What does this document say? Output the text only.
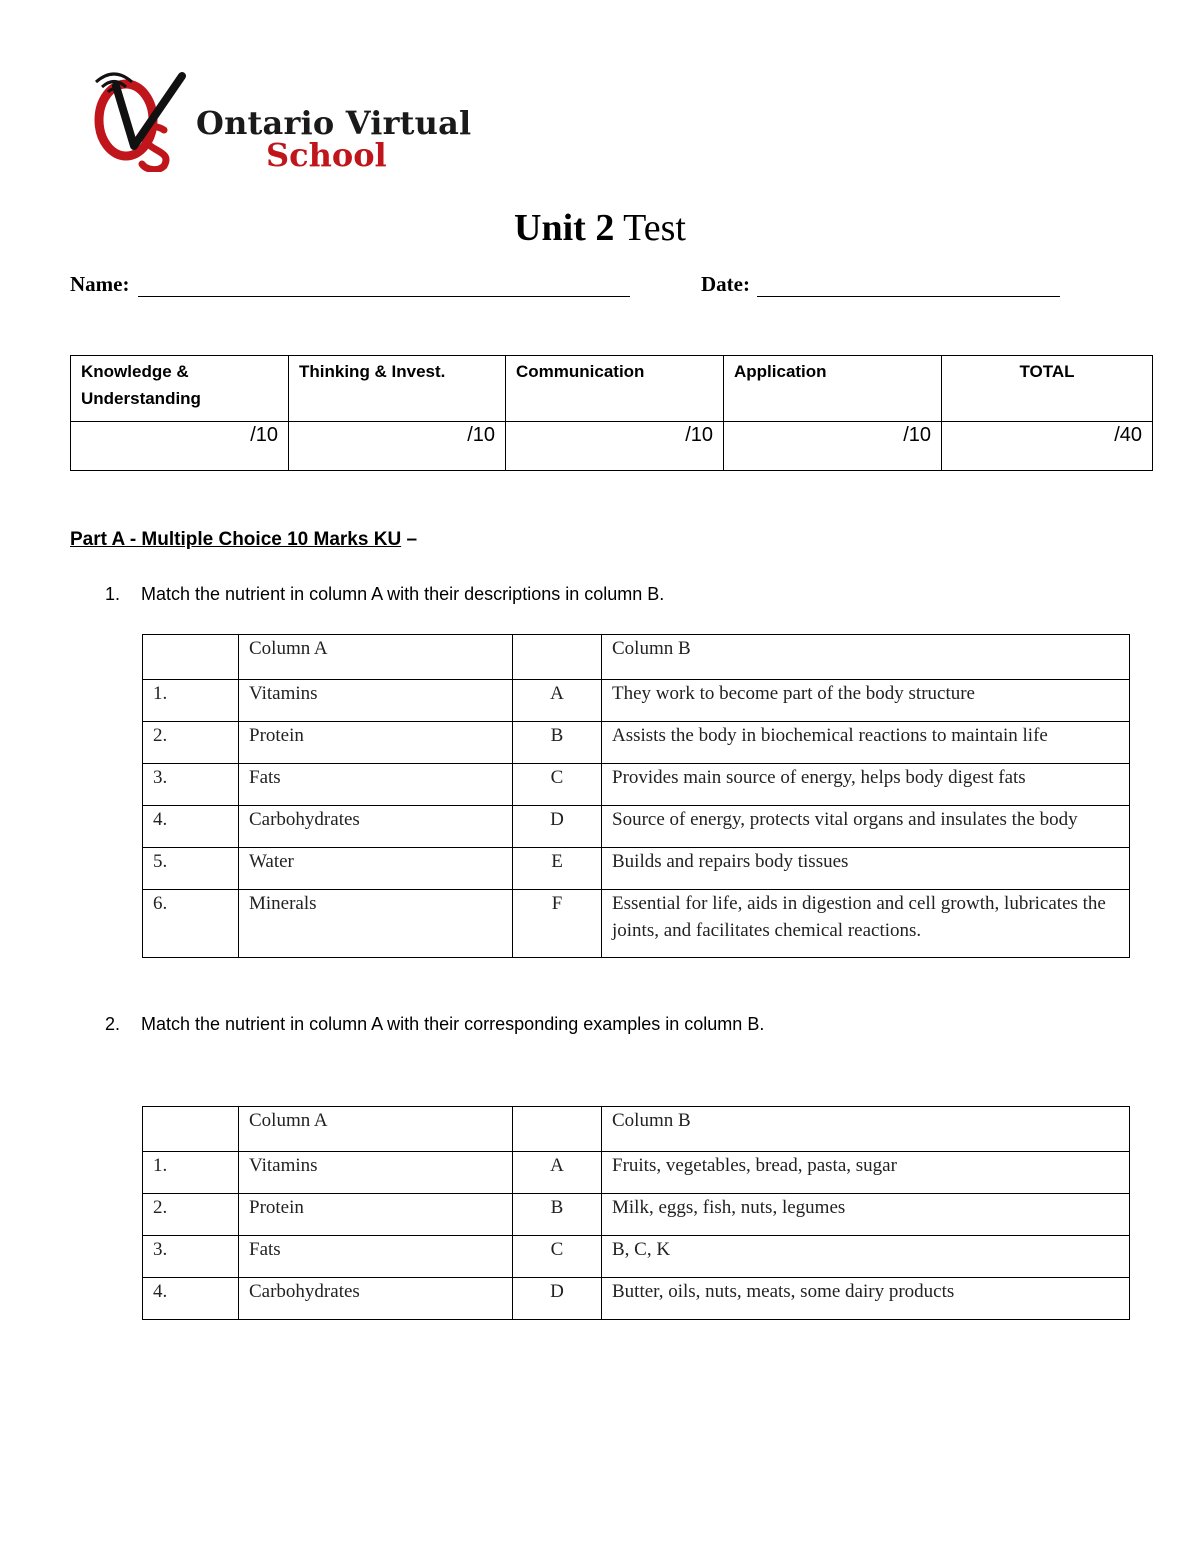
Ontario Virtual
School
Unit 2 Test
Name:	Date:
Knowledge & Understanding	Thinking & Invest.	Communication	Application	TOTAL
/10	/10	/10	/10	/40
Part A - Multiple Choice 10 Marks KU –
1. Match the nutrient in column A with their descriptions in column B.
	Column A		Column B
1.	Vitamins	A	They work to become part of the body structure
2.	Protein	B	Assists the body in biochemical reactions to maintain life
3.	Fats	C	Provides main source of energy, helps body digest fats
4.	Carbohydrates	D	Source of energy, protects vital organs and insulates the body
5.	Water	E	Builds and repairs body tissues
6.	Minerals	F	Essential for life, aids in digestion and cell growth, lubricates the joints, and facilitates chemical reactions.
2. Match the nutrient in column A with their corresponding examples in column B.
	Column A		Column B
1.	Vitamins	A	Fruits, vegetables, bread, pasta, sugar
2.	Protein	B	Milk, eggs, fish, nuts, legumes
3.	Fats	C	B, C, K
4.	Carbohydrates	D	Butter, oils, nuts, meats, some dairy products
